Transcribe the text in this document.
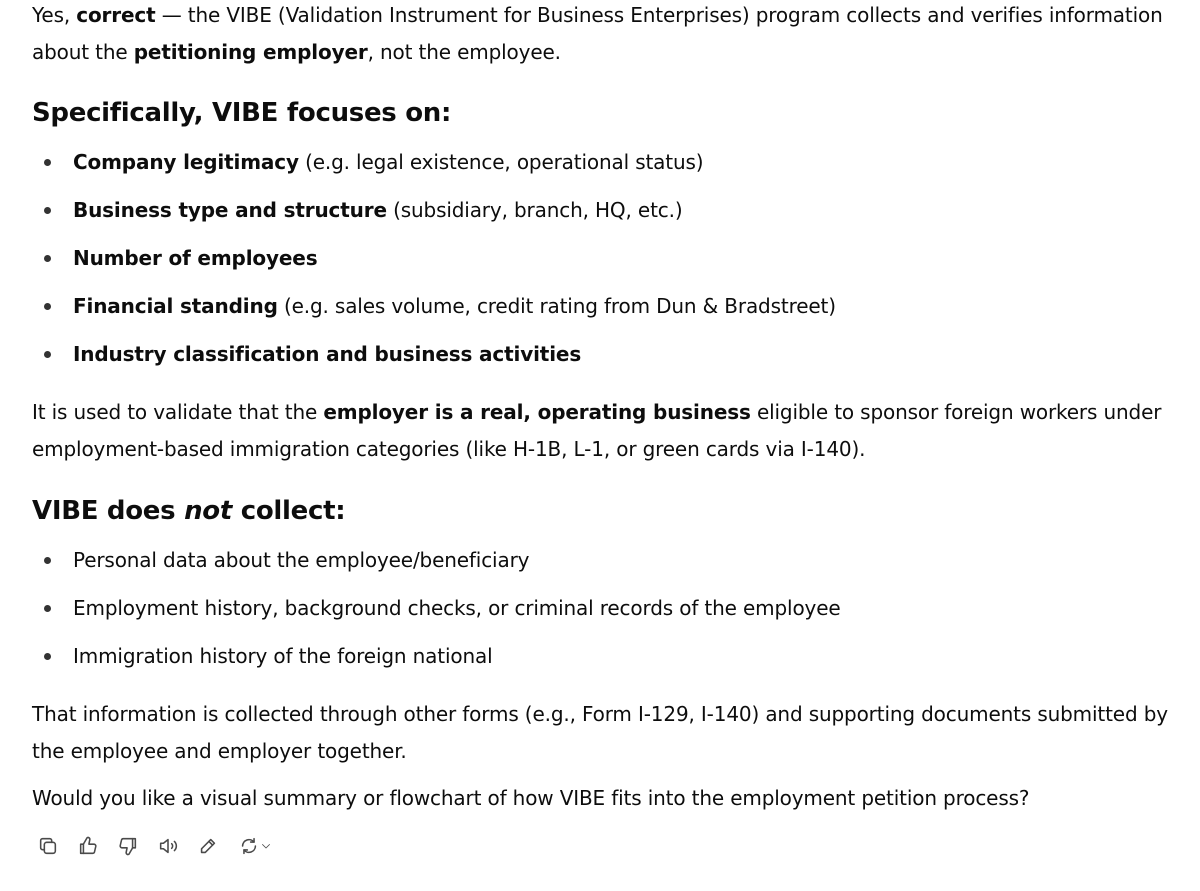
Yes, correct — the VIBE (Validation Instrument for Business Enterprises) program collects and verifies information about the petitioning employer, not the employee.

Specifically, VIBE focuses on:
Company legitimacy (e.g. legal existence, operational status)
Business type and structure (subsidiary, branch, HQ, etc.)
Number of employees
Financial standing (e.g. sales volume, credit rating from Dun & Bradstreet)
Industry classification and business activities

It is used to validate that the employer is a real, operating business eligible to sponsor foreign workers under employment-based immigration categories (like H-1B, L-1, or green cards via I-140).

VIBE does not collect:
Personal data about the employee/beneficiary
Employment history, background checks, or criminal records of the employee
Immigration history of the foreign national

That information is collected through other forms (e.g., Form I-129, I-140) and supporting documents submitted by the employee and employer together.

Would you like a visual summary or flowchart of how VIBE fits into the employment petition process?
